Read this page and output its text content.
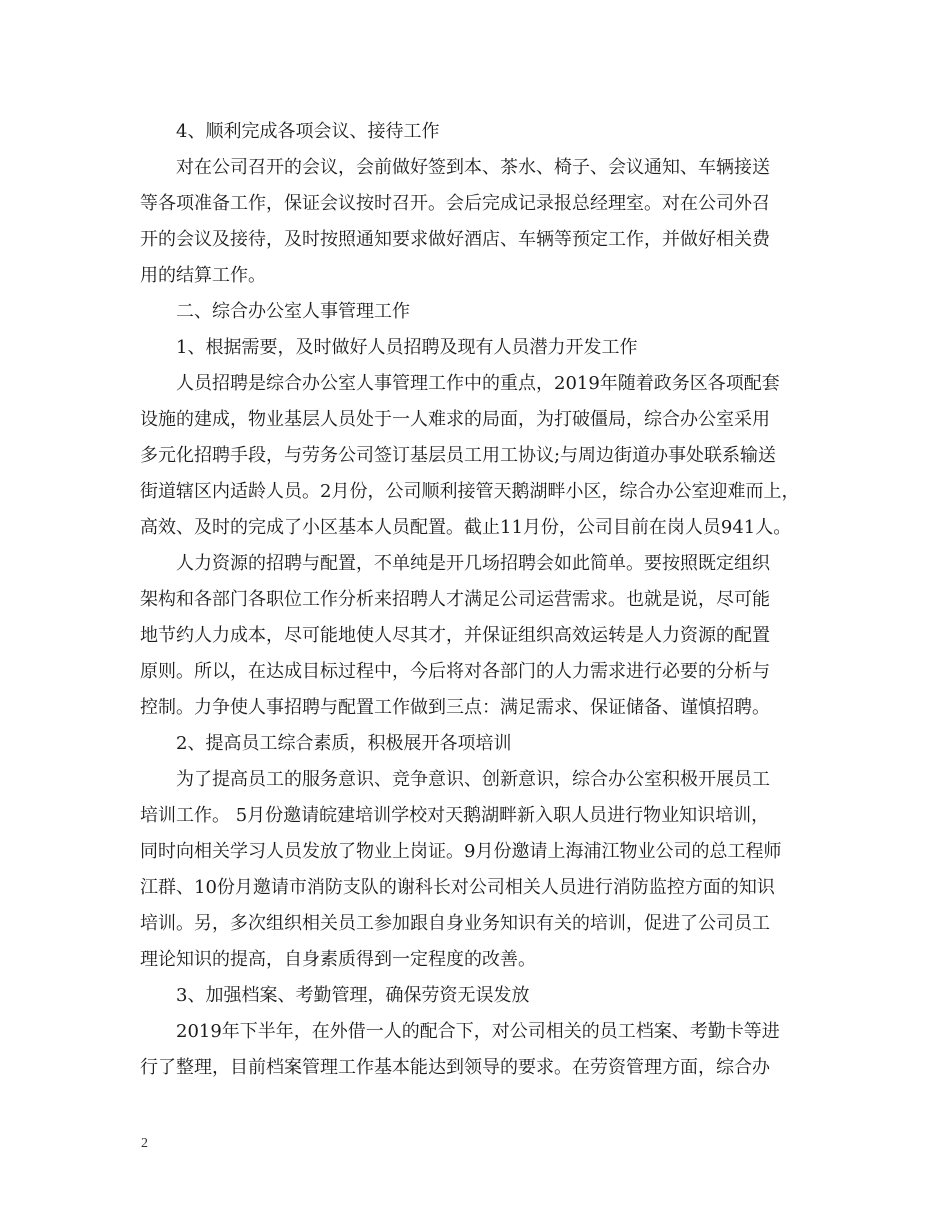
4、顺利完成各项会议、接待工作
对在公司召开的会议，会前做好签到本、茶水、椅子、会议通知、车辆接送
等各项准备工作，保证会议按时召开。会后完成记录报总经理室。对在公司外召
开的会议及接待，及时按照通知要求做好酒店、车辆等预定工作，并做好相关费
用的结算工作。
二、综合办公室人事管理工作
1、根据需要，及时做好人员招聘及现有人员潜力开发工作
人员招聘是综合办公室人事管理工作中的重点，2019年随着政务区各项配套
设施的建成，物业基层人员处于一人难求的局面，为打破僵局，综合办公室采用
多元化招聘手段，与劳务公司签订基层员工用工协议;与周边街道办事处联系输送
街道辖区内适龄人员。2月份，公司顺利接管天鹅湖畔小区，综合办公室迎难而上，
高效、及时的完成了小区基本人员配置。截止11月份，公司目前在岗人员941人。
人力资源的招聘与配置，不单纯是开几场招聘会如此简单。要按照既定组织
架构和各部门各职位工作分析来招聘人才满足公司运营需求。也就是说，尽可能
地节约人力成本，尽可能地使人尽其才，并保证组织高效运转是人力资源的配置
原则。所以，在达成目标过程中，今后将对各部门的人力需求进行必要的分析与
控制。力争使人事招聘与配置工作做到三点：满足需求、保证储备、谨慎招聘。
2、提高员工综合素质，积极展开各项培训
为了提高员工的服务意识、竞争意识、创新意识，综合办公室积极开展员工
培训工作。 5月份邀请皖建培训学校对天鹅湖畔新入职人员进行物业知识培训，
同时向相关学习人员发放了物业上岗证。9月份邀请上海浦江物业公司的总工程师
江群、10份月邀请市消防支队的谢科长对公司相关人员进行消防监控方面的知识
培训。另，多次组织相关员工参加跟自身业务知识有关的培训，促进了公司员工
理论知识的提高，自身素质得到一定程度的改善。
3、加强档案、考勤管理，确保劳资无误发放
2019年下半年，在外借一人的配合下，对公司相关的员工档案、考勤卡等进
行了整理，目前档案管理工作基本能达到领导的要求。在劳资管理方面，综合办
2
